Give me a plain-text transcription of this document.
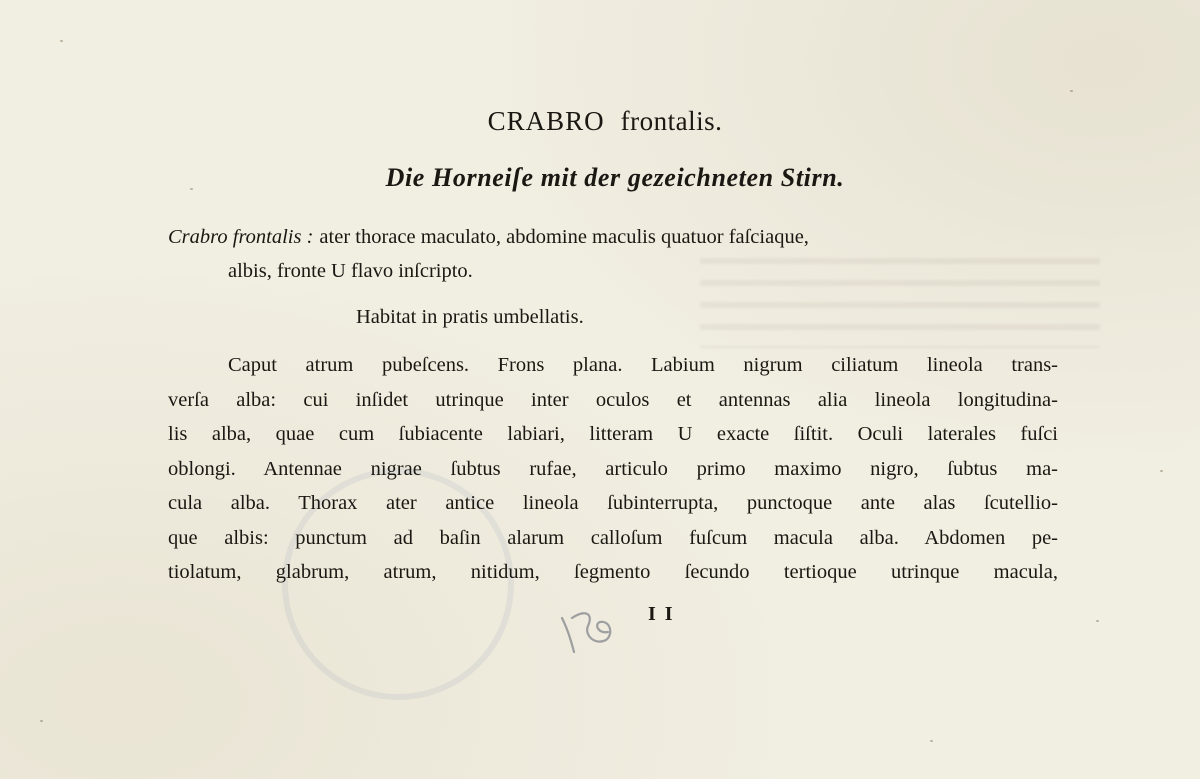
CRABRO frontalis.
Die Horneiſe mit der gezeichneten Stirn.
Crabro frontalis : ater thorace maculato, abdomine maculis quatuor faſciaque,
albis, fronte U flavo inſcripto.
Habitat in pratis umbellatis.
Caput atrum pubeſcens. Frons plana. Labium nigrum ciliatum lineola trans-
verſa alba: cui inſidet utrinque inter oculos et antennas alia lineola longitudina-
lis alba, quae cum ſubiacente labiari, litteram U exacte ſiſtit. Oculi laterales fuſci
oblongi. Antennae nigrae ſubtus rufae, articulo primo maximo nigro, ſubtus ma-
cula alba. Thorax ater antice lineola ſubinterrupta, punctoque ante alas ſcutellio-
que albis: punctum ad baſin alarum calloſum fuſcum macula alba. Abdomen pe-
tiolatum, glabrum, atrum, nitidum, ſegmento ſecundo tertioque utrinque macula,
I I
